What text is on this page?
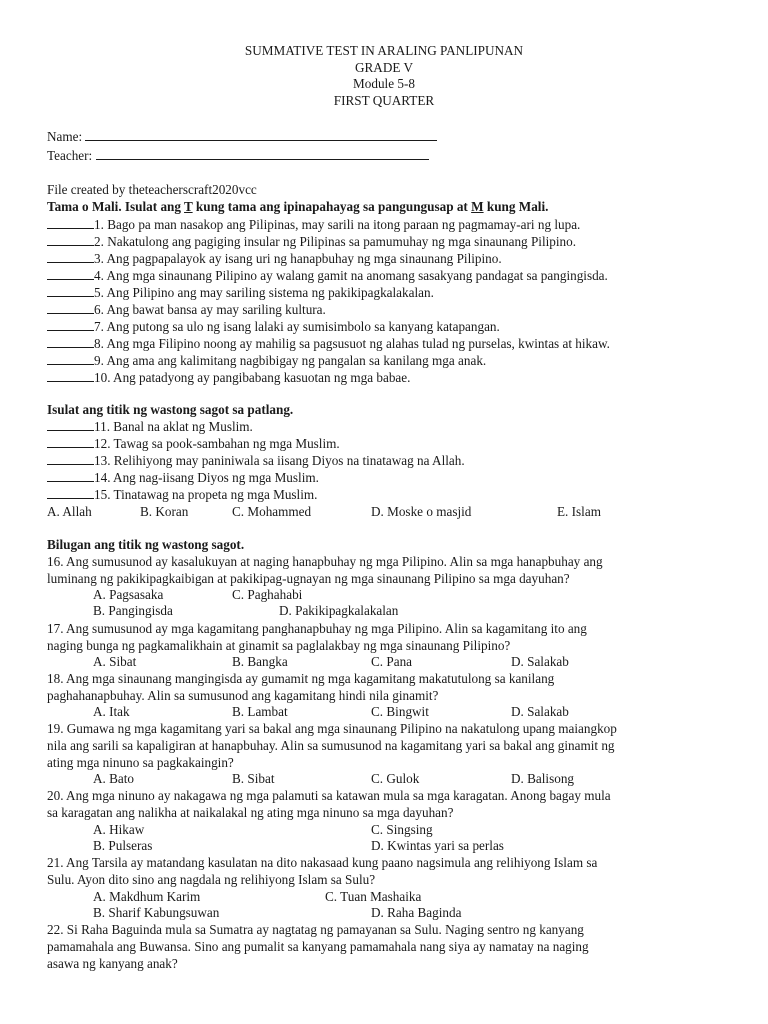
SUMMATIVE TEST IN ARALING PANLIPUNAN
GRADE V
Module 5-8
FIRST QUARTER
Name:
Teacher:
File created by theteacherscraft2020vcc
Tama o Mali. Isulat ang T kung tama ang ipinapahayag sa pangungusap at M kung Mali.
1. Bago pa man nasakop ang Pilipinas, may sarili na itong paraan ng pagmamay-ari ng lupa.
2. Nakatulong ang pagiging insular ng Pilipinas sa pamumuhay ng mga sinaunang Pilipino.
3. Ang pagpapalayok ay isang uri ng hanapbuhay ng mga sinaunang Pilipino.
4. Ang mga sinaunang Pilipino ay walang gamit na anomang sasakyang pandagat sa pangingisda.
5. Ang Pilipino ang may sariling sistema ng pakikipagkalakalan.
6. Ang bawat bansa ay may sariling kultura.
7. Ang putong sa ulo ng isang lalaki ay sumisimbolo sa kanyang katapangan.
8. Ang mga Filipino noong ay mahilig sa pagsusuot ng alahas tulad ng purselas, kwintas at hikaw.
9. Ang ama ang kalimitang nagbibigay ng pangalan sa kanilang mga anak.
10. Ang patadyong ay pangibabang kasuotan ng mga babae.
Isulat ang titik ng wastong sagot sa patlang.
11. Banal na aklat ng Muslim.
12. Tawag sa pook-sambahan ng mga Muslim.
13. Relihiyong may paniniwala sa iisang Diyos na tinatawag na Allah.
14. Ang nag-iisang Diyos ng mga Muslim.
15. Tinatawag na propeta ng mga Muslim.
A. Allah	B. Koran	C. Mohammed	D. Moske o masjid	E. Islam
Bilugan ang titik ng wastong sagot.
16. Ang sumusunod ay kasalukuyan at naging hanapbuhay ng mga Pilipino. Alin sa mga hanapbuhay ang
luminang ng pakikipagkaibigan at pakikipag-ugnayan ng mga sinaunang Pilipino sa mga dayuhan?
A. Pagsasaka	C. Paghahabi
B. Pangingisda	D. Pakikipagkalakalan
17. Ang sumusunod ay mga kagamitang panghanapbuhay ng mga Pilipino. Alin sa kagamitang ito ang
naging bunga ng pagkamalikhain at ginamit sa paglalakbay ng mga sinaunang Pilipino?
A. Sibat	B. Bangka	C. Pana	D. Salakab
18. Ang mga sinaunang mangingisda ay gumamit ng mga kagamitang makatutulong sa kanilang
paghahanapbuhay. Alin sa sumusunod ang kagamitang hindi nila ginamit?
A. Itak	B. Lambat	C. Bingwit	D. Salakab
19. Gumawa ng mga kagamitang yari sa bakal ang mga sinaunang Pilipino na nakatulong upang maiangkop
nila ang sarili sa kapaligiran at hanapbuhay. Alin sa sumusunod na kagamitang yari sa bakal ang ginamit ng
ating mga ninuno sa pagkakaingin?
A. Bato	B. Sibat	C. Gulok	D. Balisong
20. Ang mga ninuno ay nakagawa ng mga palamuti sa katawan mula sa mga karagatan. Anong bagay mula
sa karagatan ang nalikha at naikalakal ng ating mga ninuno sa mga dayuhan?
A. Hikaw	C. Singsing
B. Pulseras	D. Kwintas yari sa perlas
21. Ang Tarsila ay matandang kasulatan na dito nakasaad kung paano nagsimula ang relihiyong Islam sa
Sulu. Ayon dito sino ang nagdala ng relihiyong Islam sa Sulu?
A. Makdhum Karim	C. Tuan Mashaika
B. Sharif Kabungsuwan	D. Raha Baginda
22. Si Raha Baguinda mula sa Sumatra ay nagtatag ng pamayanan sa Sulu. Naging sentro ng kanyang
pamamahala ang Buwansa. Sino ang pumalit sa kanyang pamamahala nang siya ay namatay na naging
asawa ng kanyang anak?
